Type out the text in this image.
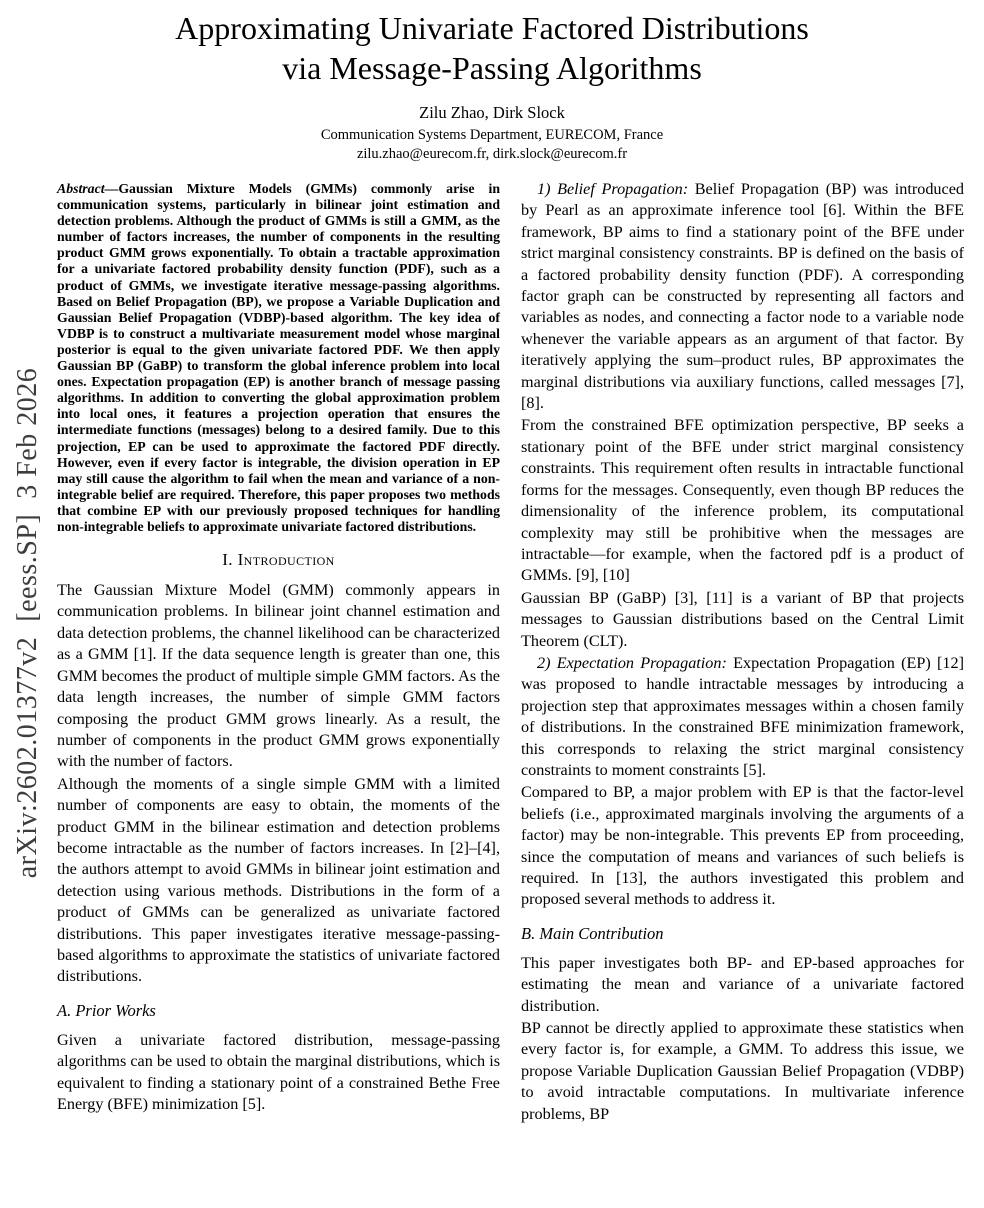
arXiv:2602.01377v2  [eess.SP]  3 Feb 2026
Approximating Univariate Factored Distributions
via Message-Passing Algorithms
Zilu Zhao, Dirk Slock
Communication Systems Department, EURECOM, France
zilu.zhao@eurecom.fr, dirk.slock@eurecom.fr

Abstract—Gaussian Mixture Models (GMMs) commonly arise in communication systems, particularly in bilinear joint estimation and detection problems. Although the product of GMMs is still a GMM, as the number of factors increases, the number of components in the resulting product GMM grows exponentially. To obtain a tractable approximation for a univariate factored probability density function (PDF), such as a product of GMMs, we investigate iterative message-passing algorithms. Based on Belief Propagation (BP), we propose a Variable Duplication and Gaussian Belief Propagation (VDBP)-based algorithm. The key idea of VDBP is to construct a multivariate measurement model whose marginal posterior is equal to the given univariate factored PDF. We then apply Gaussian BP (GaBP) to transform the global inference problem into local ones. Expectation propagation (EP) is another branch of message passing algorithms. In addition to converting the global approximation problem into local ones, it features a projection operation that ensures the intermediate functions (messages) belong to a desired family. Due to this projection, EP can be used to approximate the factored PDF directly. However, even if every factor is integrable, the division operation in EP may still cause the algorithm to fail when the mean and variance of a non-integrable belief are required. Therefore, this paper proposes two methods that combine EP with our previously proposed techniques for handling non-integrable beliefs to approximate univariate factored distributions.

I. Introduction

The Gaussian Mixture Model (GMM) commonly appears in communication problems. In bilinear joint channel estimation and data detection problems, the channel likelihood can be characterized as a GMM [1]. If the data sequence length is greater than one, this GMM becomes the product of multiple simple GMM factors. As the data length increases, the number of simple GMM factors composing the product GMM grows linearly. As a result, the number of components in the product GMM grows exponentially with the number of factors.

Although the moments of a single simple GMM with a limited number of components are easy to obtain, the moments of the product GMM in the bilinear estimation and detection problems become intractable as the number of factors increases. In [2]–[4], the authors attempt to avoid GMMs in bilinear joint estimation and detection using various methods. Distributions in the form of a product of GMMs can be generalized as univariate factored distributions. This paper investigates iterative message-passing-based algorithms to approximate the statistics of univariate factored distributions.

A. Prior Works

Given a univariate factored distribution, message-passing algorithms can be used to obtain the marginal distributions, which is equivalent to finding a stationary point of a constrained Bethe Free Energy (BFE) minimization [5].

1) Belief Propagation: Belief Propagation (BP) was introduced by Pearl as an approximate inference tool [6]. Within the BFE framework, BP aims to find a stationary point of the BFE under strict marginal consistency constraints. BP is defined on the basis of a factored probability density function (PDF). A corresponding factor graph can be constructed by representing all factors and variables as nodes, and connecting a factor node to a variable node whenever the variable appears as an argument of that factor. By iteratively applying the sum–product rules, BP approximates the marginal distributions via auxiliary functions, called messages [7], [8].

From the constrained BFE optimization perspective, BP seeks a stationary point of the BFE under strict marginal consistency constraints. This requirement often results in intractable functional forms for the messages. Consequently, even though BP reduces the dimensionality of the inference problem, its computational complexity may still be prohibitive when the messages are intractable—for example, when the factored pdf is a product of GMMs. [9], [10]

Gaussian BP (GaBP) [3], [11] is a variant of BP that projects messages to Gaussian distributions based on the Central Limit Theorem (CLT).

2) Expectation Propagation: Expectation Propagation (EP) [12] was proposed to handle intractable messages by introducing a projection step that approximates messages within a chosen family of distributions. In the constrained BFE minimization framework, this corresponds to relaxing the strict marginal consistency constraints to moment constraints [5].

Compared to BP, a major problem with EP is that the factor-level beliefs (i.e., approximated marginals involving the arguments of a factor) may be non-integrable. This prevents EP from proceeding, since the computation of means and variances of such beliefs is required. In [13], the authors investigated this problem and proposed several methods to address it.

B. Main Contribution

This paper investigates both BP- and EP-based approaches for estimating the mean and variance of a univariate factored distribution.

BP cannot be directly applied to approximate these statistics when every factor is, for example, a GMM. To address this issue, we propose Variable Duplication Gaussian Belief Propagation (VDBP) to avoid intractable computations. In multivariate inference problems, BP
